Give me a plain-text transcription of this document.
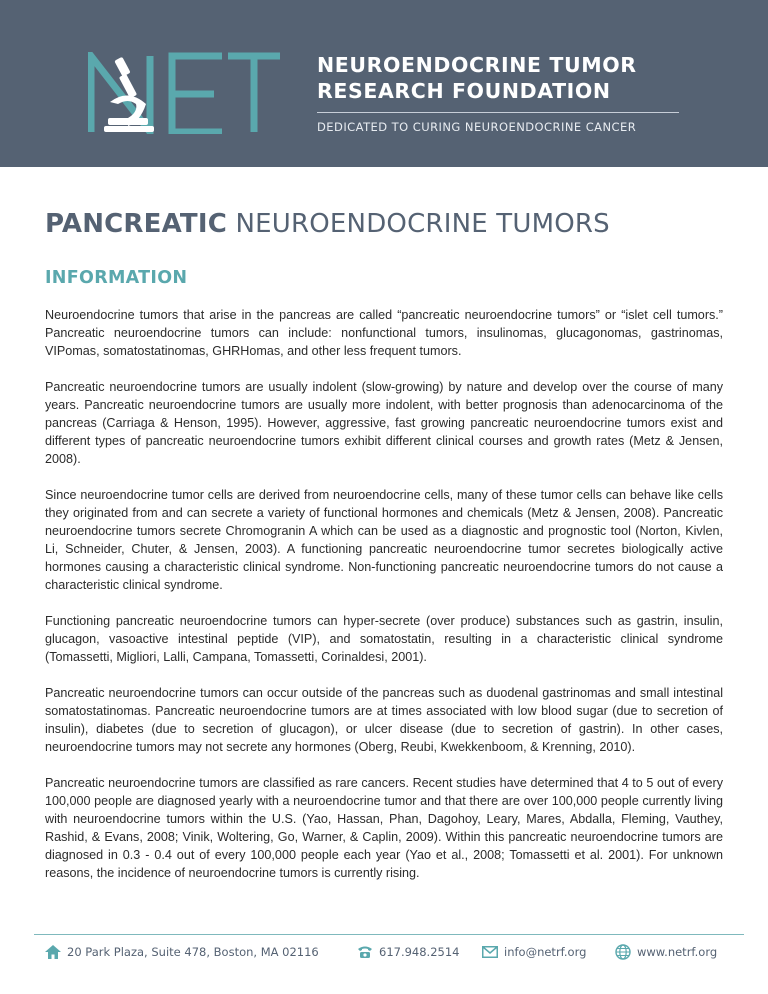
NET
NEUROENDOCRINE TUMOR
RESEARCH FOUNDATION
DEDICATED TO CURING NEUROENDOCRINE CANCER
PANCREATIC NEUROENDOCRINE TUMORS
INFORMATION

Neuroendocrine tumors that arise in the pancreas are called “pancreatic neuroendocrine tumors” or “islet cell tumors.” Pancreatic neuroendocrine tumors can include: nonfunctional tumors, insulinomas, glucagonomas, gastrinomas, VIPomas, somatostatinomas, GHRHomas, and other less frequent tumors.

Pancreatic neuroendocrine tumors are usually indolent (slow-growing) by nature and develop over the course of many years. Pancreatic neuroendocrine tumors are usually more indolent, with better prognosis than adenocarcinoma of the pancreas (Carriaga & Henson, 1995). However, aggressive, fast growing pancreatic neuroendocrine tumors exist and different types of pancreatic neuroendocrine tumors exhibit different clinical courses and growth rates (Metz & Jensen, 2008).

Since neuroendocrine tumor cells are derived from neuroendocrine cells, many of these tumor cells can behave like cells they originated from and can secrete a variety of functional hormones and chemicals (Metz & Jensen, 2008). Pancreatic neuroendocrine tumors secrete Chromogranin A which can be used as a diagnostic and prognostic tool (Norton, Kivlen, Li, Schneider, Chuter, & Jensen, 2003). A functioning pancreatic neuroendocrine tumor secretes biologically active hormones causing a characteristic clinical syndrome. Non-functioning pancreatic neuroendocrine tumors do not cause a characteristic clinical syndrome.

Functioning pancreatic neuroendocrine tumors can hyper-secrete (over produce) substances such as gastrin, insulin, glucagon, vasoactive intestinal peptide (VIP), and somatostatin, resulting in a characteristic clinical syndrome (Tomassetti, Migliori, Lalli, Campana, Tomassetti, Corinaldesi, 2001).

Pancreatic neuroendocrine tumors can occur outside of the pancreas such as duodenal gastrinomas and small intestinal somatostatinomas. Pancreatic neuroendocrine tumors are at times associated with low blood sugar (due to secretion of insulin), diabetes (due to secretion of glucagon), or ulcer disease (due to secretion of gastrin). In other cases, neuroendocrine tumors may not secrete any hormones (Oberg, Reubi, Kwekkenboom, & Krenning, 2010).

Pancreatic neuroendocrine tumors are classified as rare cancers. Recent studies have determined that 4 to 5 out of every 100,000 people are diagnosed yearly with a neuroendocrine tumor and that there are over 100,000 people currently living with neuroendocrine tumors within the U.S. (Yao, Hassan, Phan, Dagohoy, Leary, Mares, Abdalla, Fleming, Vauthey, Rashid, & Evans, 2008; Vinik, Woltering, Go, Warner, & Caplin, 2009). Within this pancreatic neuroendocrine tumors are diagnosed in 0.3 - 0.4 out of every 100,000 people each year (Yao et al., 2008; Tomassetti et al. 2001). For unknown reasons, the incidence of neuroendocrine tumors is currently rising.

20 Park Plaza, Suite 478, Boston, MA 02116	617.948.2514	info@netrf.org	www.netrf.org
